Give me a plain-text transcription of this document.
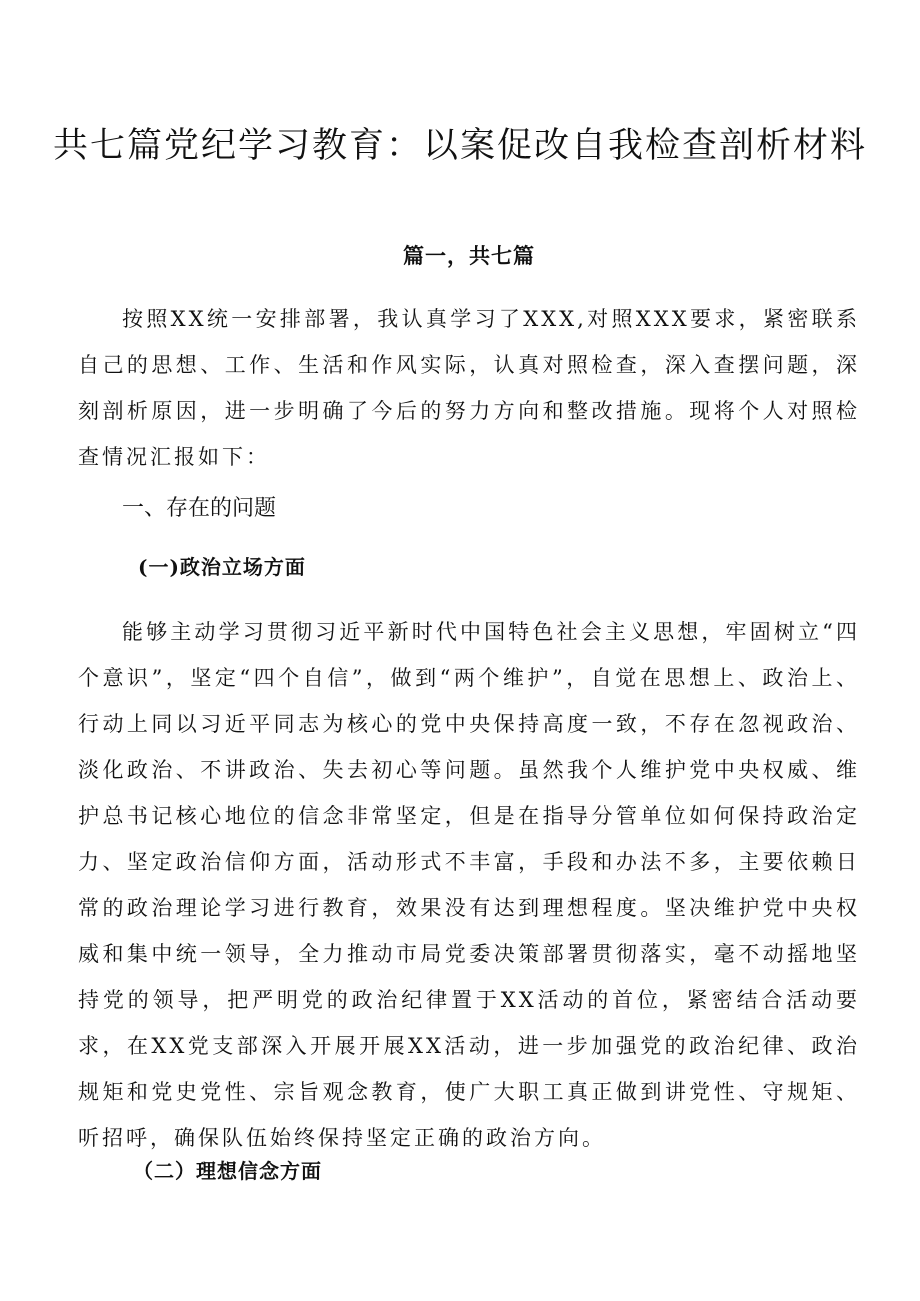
共七篇党纪学习教育：以案促改自我检查剖析材料
篇一，共七篇

按照XX统一安排部署，我认真学习了XXX,对照XXX要求，紧密联系自己的思想、工作、生活和作风实际，认真对照检查，深入查摆问题，深刻剖析原因，进一步明确了今后的努力方向和整改措施。现将个人对照检查情况汇报如下：

一、存在的问题
(一)政治立场方面

能够主动学习贯彻习近平新时代中国特色社会主义思想，牢固树立“四个意识”，坚定“四个自信”，做到“两个维护”，自觉在思想上、政治上、行动上同以习近平同志为核心的党中央保持高度一致，不存在忽视政治、淡化政治、不讲政治、失去初心等问题。虽然我个人维护党中央权威、维护总书记核心地位的信念非常坚定，但是在指导分管单位如何保持政治定力、坚定政治信仰方面，活动形式不丰富，手段和办法不多，主要依赖日常的政治理论学习进行教育，效果没有达到理想程度。坚决维护党中央权威和集中统一领导，全力推动市局党委决策部署贯彻落实，毫不动摇地坚持党的领导，把严明党的政治纪律置于XX活动的首位，紧密结合活动要求，在XX党支部深入开展开展XX活动，进一步加强党的政治纪律、政治规矩和党史党性、宗旨观念教育，使广大职工真正做到讲党性、守规矩、听招呼，确保队伍始终保持坚定正确的政治方向。

（二）理想信念方面
